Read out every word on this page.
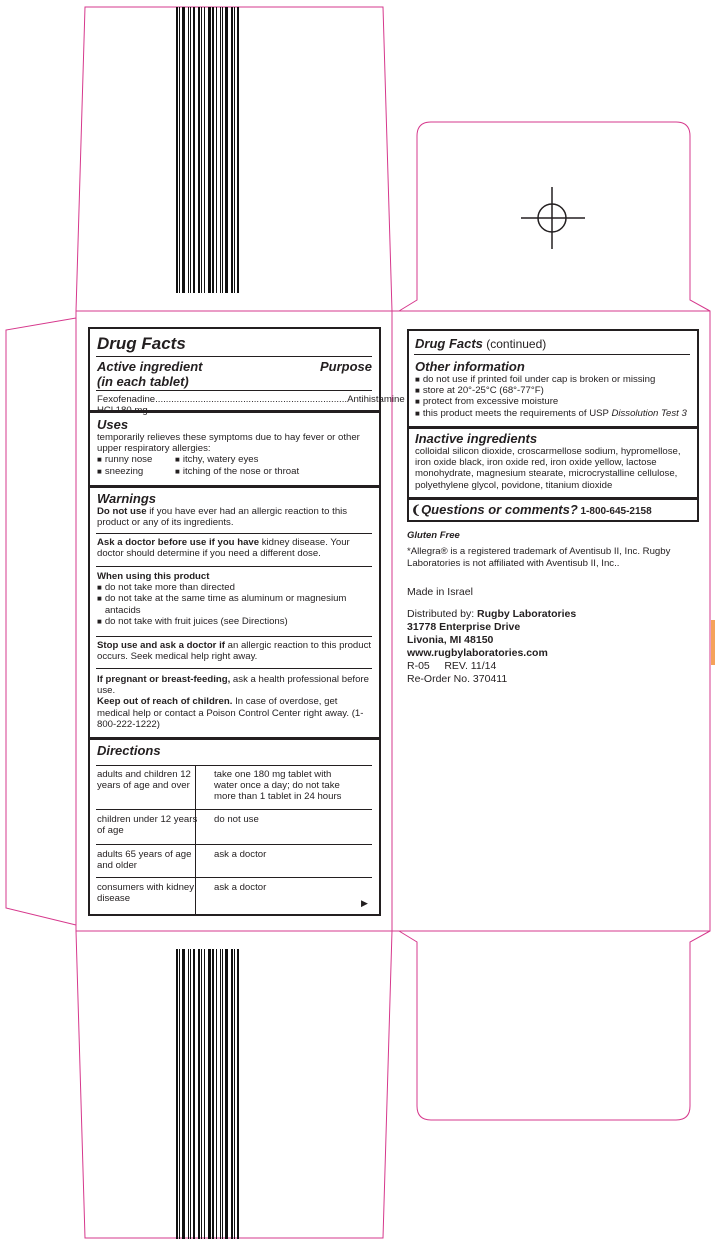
Drug Facts
Active ingredient	Purpose
(in each tablet)
Fexofenadine ........................................................................ Antihistamine
Uses
temporarily relieves these symptoms due to hay fever or other upper respiratory allergies:
■ runny nose	■ itchy, watery eyes
■ sneezing	■ itching of the nose or throat
Warnings
Do not use if you have ever had an allergic reaction to this product or any of its ingredients.
Ask a doctor before use if you have kidney disease. Your doctor should determine if you need a different dose.
When using this product
■ do not take more than directed
■ do not take at the same time as aluminum or magnesium antacids
■ do not take with fruit juices (see Directions)
Stop use and ask a doctor if an allergic reaction to this product occurs. Seek medical help right away.
If pregnant or breast-feeding, ask a health professional before use.
Keep out of reach of children. In case of overdose, get medical help or contact a Poison Control Center right away. (1-800-222-1222)
Directions
adults and children 12 years of age and over
take one 180 mg tablet with water once a day; do not take more than 1 tablet in 24 hours
children under 12 years of age
do not use
adults 65 years of age and older
ask a doctor
consumers with kidney disease
ask a doctor
▶
Drug Facts (continued)
Other information
■ do not use if printed foil under cap is broken or missing
■ store at 20°-25°C (68°-77°F)
■ protect from excessive moisture
■ this product meets the requirements of USP Dissolution Test 3
Inactive ingredients
colloidal silicon dioxide, croscarmellose sodium, hypromellose, iron oxide black, iron oxide red, iron oxide yellow, lactose monohydrate, magnesium stearate, microcrystalline cellulose, polyethylene glycol, povidone, titanium dioxide
❨Questions or comments? 1-800-645-2158
Gluten Free
*Allegra® is a registered trademark of Aventisub II, Inc. Rugby Laboratories is not affiliated with Aventisub II, Inc..
Made in Israel
Distributed by: Rugby Laboratories
31778 Enterprise Drive
Livonia, MI 48150
www.rugbylaboratories.com
R-05     REV. 11/14
Re-Order No. 370411
